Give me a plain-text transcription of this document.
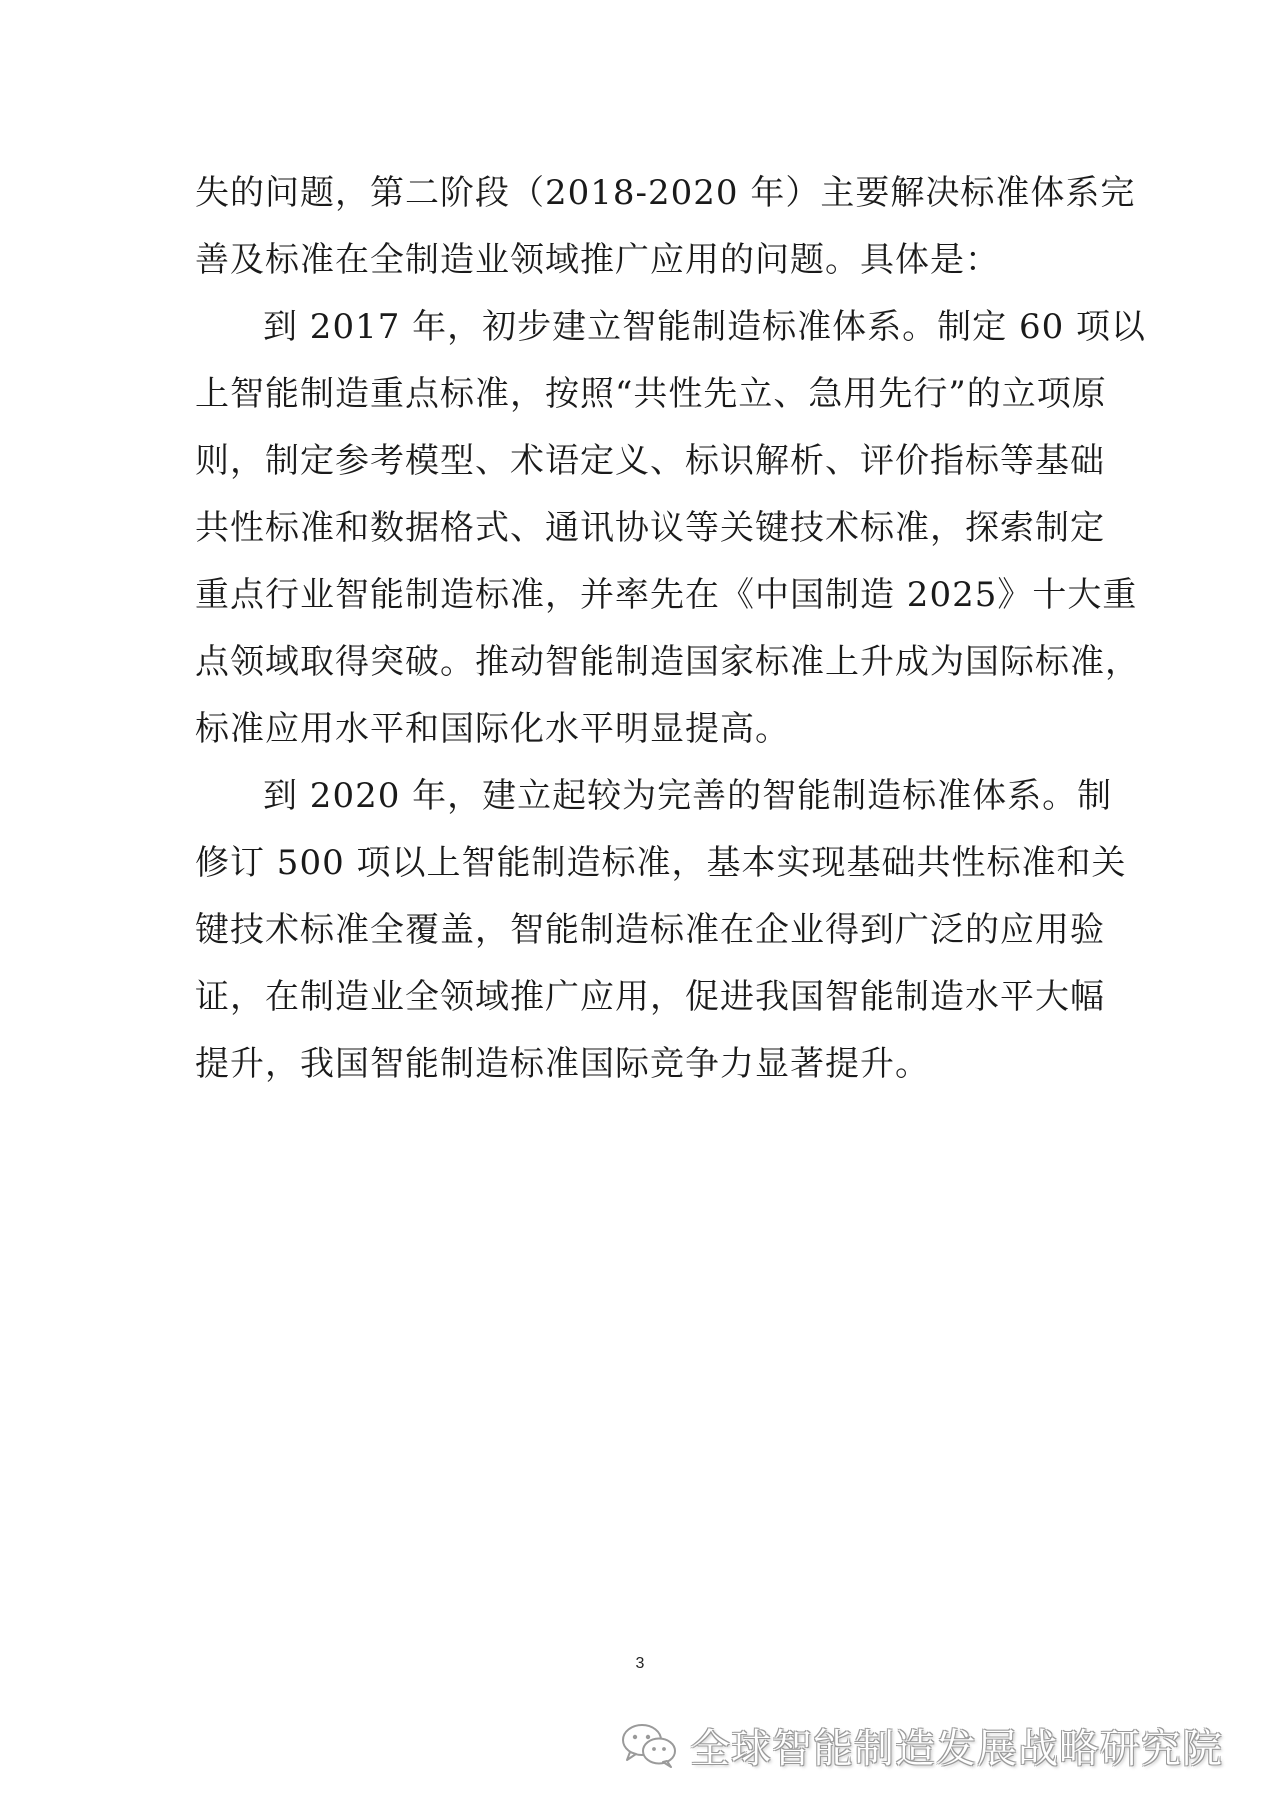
失的问题，第二阶段（2018-2020 年）主要解决标准体系完
善及标准在全制造业领域推广应用的问题。具体是：
到 2017 年，初步建立智能制造标准体系。制定 60 项以
上智能制造重点标准，按照“共性先立、急用先行”的立项原
则，制定参考模型、术语定义、标识解析、评价指标等基础
共性标准和数据格式、通讯协议等关键技术标准，探索制定
重点行业智能制造标准，并率先在《中国制造 2025》十大重
点领域取得突破。推动智能制造国家标准上升成为国际标准，
标准应用水平和国际化水平明显提高。
到 2020 年，建立起较为完善的智能制造标准体系。制
修订 500 项以上智能制造标准，基本实现基础共性标准和关
键技术标准全覆盖，智能制造标准在企业得到广泛的应用验
证，在制造业全领域推广应用，促进我国智能制造水平大幅
提升，我国智能制造标准国际竞争力显著提升。
3
全球智能制造发展战略研究院
